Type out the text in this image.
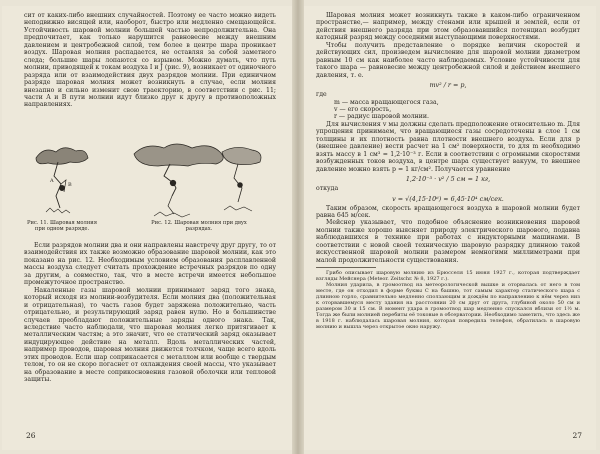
сит от каких-либо внешних случайностей. Поэтому ее часто можно видеть неподвижно висящей или, наоборот, быстро или медленно смещающейся. Устойчивость шаровой молнии большей частью непродолжительна. Она предпочитает, как только нарушится равновесие между внешним давлением и центробежной силой, тем более в центре шара проникает воздух. Шаровая молния распадается, не оставляя за собой заметного следа; большие шары лопаются со взрывом. Можно думать, что путь молнии, приводящей к токам воздуха I и J (рис. 9), возникает от одиночного разряда или от взаимодействия двух разрядов молнии. При единичном разряде шаровая молния может возникнуть в случае, если молния внезапно и сильно изменит свою траекторию, в соответствии с рис. 11; части A и B пути молнии идут близко друг к другу в противоположных направлениях.

A
B
Рис. 11. Шаровая молния при одном разряде.
Рис. 12. Шаровая молния при двух разрядах.

Если разрядов молнии два и они направлены навстречу друг другу, то от взаимодействия их также возможно образование шаровой молнии, как это показано на рис. 12. Необходимым условием образования расплавленной массы воздуха следует считать прохождение встречных разрядов по одну за другим, а совместно, так, что в месте встречи имеется небольшое промежуточное пространство.

Накаленные газы шаровой молнии принимают заряд того знака, который исходя из молнии-возбудителя. Если молния два (положительная и отрицательная), то часть газов будет заряжена положительно, часть отрицательно, и результирующий заряд равен нулю. Но в большинстве случаев преобладают положительные заряды одного знака. Так, вследствие часто наблюдали, что шаровая молния легко притягивает к металлическим частям; а это значит, что ее статический заряд оказывает индуцирующее действие на металл. Вдоль металлических частей, например проводов, шаровая молния движется толчком, чаще всего вдоль этих проводов. Если шар соприкасается с металлом или вообще с твердым телом, то он не скоро погаснет от охлаждения своей массы, что указывает на образование в месте соприкосновения газовой оболочки или тепловой защиты.

26

Шаровая молния может возникнуть также в каком-либо ограниченном пространстве,— например, между стенами или крышей и землей, если от действия внешнего разряда при этом образовавшийся потенциал возбудит катодный разряд между соседними выступающими поверхностями.

Чтобы получить представление о порядке величин скоростей и действующих сил, произведем вычисление для шаровой молнии диаметром равным 10 см как наиболее часто наблюдаемых. Условие устойчивости для такого шара — равновесие между центробежной силой и действием внешнего давления, т. е.

mv² / r = p,

где

m — масса вращающегося газа,
v — его скорость,
r — радиус шаровой молнии.

Для вычисления v мы должны сделать предположение относительно m. Для упрощения принимаем, что вращающиеся газы сосредоточены в слое 1 см толщины и их плотность равна плотности внешнего воздуха. Если для p (внешнее давление) вести расчет на 1 см² поверхности, то для m необходимо взять массу в 1 см³ = 1,2·10⁻³ г. Если в соответствии с огромными скоростями возбужденных токов воздуха, в центре шара существует вакуум, то внешнее давление можно взять p = 1 кг/см². Получается уравнение

1,2·10⁻³ · v² / 5 см = 1 кг,

откуда

v = √(4,15·10⁶) ≈ 6,45·10⁴ см/сек.

Таким образом, скорость вращающегося воздуха в шаровой молнии будет равна 645 м/сек.

Мейснер указывает, что подобное объяснение возникновения шаровой молнии также хорошо выясняет природу электрического шарового, подавна наблюдавшихся в технике при работах с индукторными машинами. В соответствии с новой своей техническую шаровую разрядку длинною такой искусственной шаровой молнии размером немногими миллиметрами при малой продолжительности существования.

Грибо описывает шаровую молнию из Брюсселя 15 июня 1927 г., которая подтверждает взгляды Мейснера (Meteor. Zeitschr. № 8, 1927 г.).

Молния ударила, в громоотвод на метеорологической вышке и оторвалась от него в том месте, где он отходил в форме буквы С на башню, тот самым характер статического шара с длинною горло, сравнительно медленно сползающим и дождём по направлению к нём через низ к оторвавшемуся месту здания на расстоянии 20 см друг от друга, глубиной около 50 см и размером 30 и 15 см. В момент удара в громоотвод шар медленно спускался вблизи от 1½ м. Тогда же были молнией перебиты её токовые в обсерватории. Необходимо заметить, что здесь же в 1918 г. наблюдалась шаровая молния, которая повредила телефон, обратилась в шаровую молнию и вышла через открытое окно наружу.

27
